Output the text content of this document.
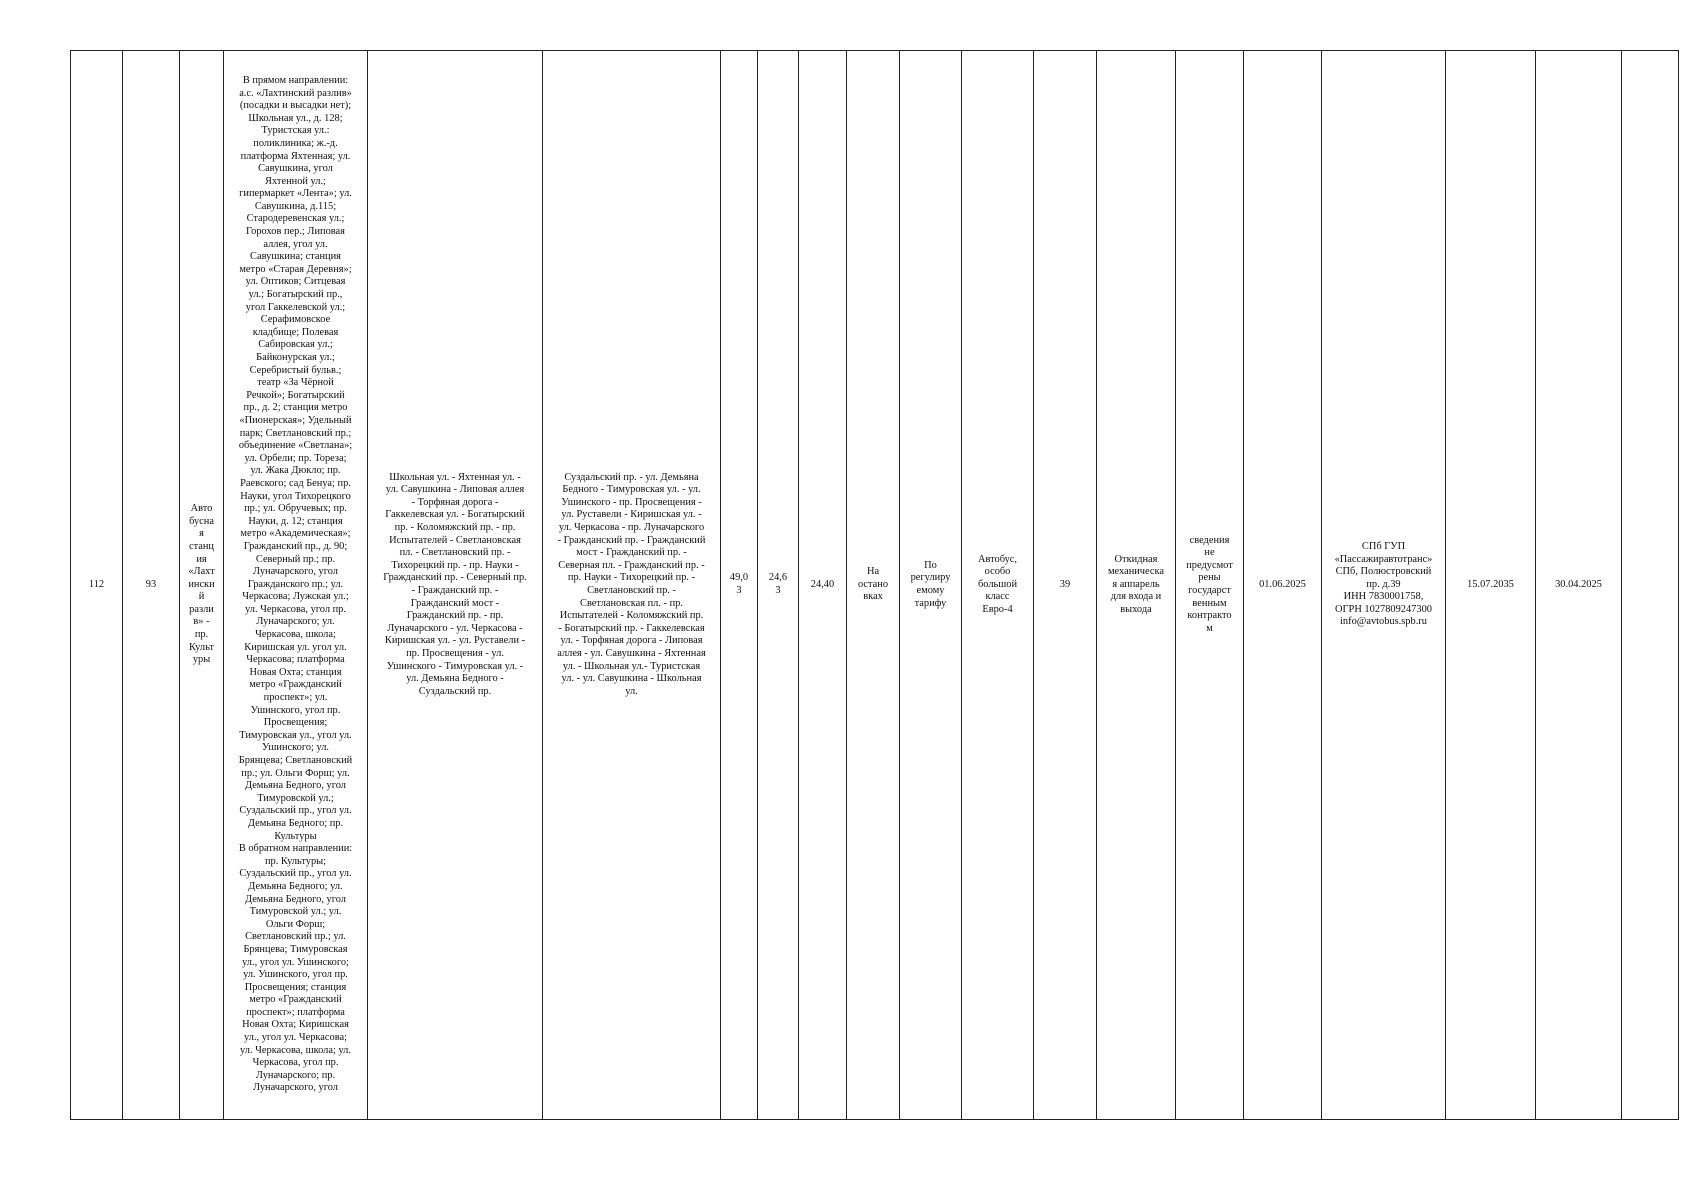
112	93	Авто
бусна
я
станц
ия
«Лахт
ински
й
разли
в» -
пр.
Культ
уры	В прямом направлении:
а.с. «Лахтинский разлив»
(посадки и высадки нет);
Школьная ул., д. 128;
Туристская ул.:
поликлиника; ж.-д.
платформа Яхтенная; ул.
Савушкина, угол
Яхтенной ул.;
гипермаркет «Лента»; ул.
Савушкина, д.115;
Стародеревенская ул.;
Горохов пер.; Липовая
аллея, угол ул.
Савушкина; станция
метро «Старая Деревня»;
ул. Оптиков; Ситцевая
ул.; Богатырский пр.,
угол Гаккелевской ул.;
Серафимовское
кладбище; Полевая
Сабировская ул.;
Байконурская ул.;
Серебристый бульв.;
театр «За Чёрной
Речкой»; Богатырский
пр., д. 2; станция метро
«Пионерская»; Удельный
парк; Светлановский пр.;
объединение «Светлана»;
ул. Орбели; пр. Тореза;
ул. Жака Дюкло; пр.
Раевского; сад Бенуа; пр.
Науки, угол Тихорецкого
пр.; ул. Обручевых; пр.
Науки, д. 12; станция
метро «Академическая»;
Гражданский пр., д. 90;
Северный пр.; пр.
Луначарского, угол
Гражданского пр.; ул.
Черкасова; Лужская ул.;
ул. Черкасова, угол пр.
Луначарского; ул.
Черкасова, школа;
Киришская ул. угол ул.
Черкасова; платформа
Новая Охта; станция
метро «Гражданский
проспект»; ул.
Ушинского, угол пр.
Просвещения;
Тимуровская ул., угол ул.
Ушинского; ул.
Брянцева; Светлановский
пр.; ул. Ольги Форш; ул.
Демьяна Бедного, угол
Тимуровской ул.;
Суздальский пр., угол ул.
Демьяна Бедного; пр.
Культуры
В обратном направлении:
пр. Культуры;
Суздальский пр., угол ул.
Демьяна Бедного; ул.
Демьяна Бедного, угол
Тимуровской ул.; ул.
Ольги Форш;
Светлановский пр.; ул.
Брянцева; Тимуровская
ул., угол ул. Ушинского;
ул. Ушинского, угол пр.
Просвещения; станция
метро «Гражданский
проспект»; платформа
Новая Охта; Киришская
ул., угол ул. Черкасова;
ул. Черкасова, школа; ул.
Черкасова, угол пр.
Луначарского; пр.
Луначарского, угол	Школьная ул. - Яхтенная ул. -
ул. Савушкина - Липовая аллея
- Торфяная дорога -
Гаккелевская ул. - Богатырский
пр. - Коломяжский пр. - пр.
Испытателей - Светлановская
пл. - Светлановский пр. -
Тихорецкий пр. - пр. Науки -
Гражданский пр. - Северный пр.
- Гражданский пр. -
Гражданский мост -
Гражданский пр. - пр.
Луначарского - ул. Черкасова -
Киришская ул. - ул. Руставели -
пр. Просвещения - ул.
Ушинского - Тимуровская ул. -
ул. Демьяна Бедного -
Суздальский пр.	Суздальский пр. - ул. Демьяна
Бедного - Тимуровская ул. - ул.
Ушинского - пр. Просвещения -
ул. Руставели - Киришская ул. -
ул. Черкасова - пр. Луначарского
- Гражданский пр. - Гражданский
мост - Гражданский пр. -
Северная пл. - Гражданский пр. -
пр. Науки - Тихорецкий пр. -
Светлановский пр. -
Светлановская пл. - пр.
Испытателей - Коломяжский пр.
- Богатырский пр. - Гаккелевская
ул. - Торфяная дорога - Липовая
аллея - ул. Савушкина - Яхтенная
ул. - Школьная ул.- Туристская
ул. - ул. Савушкина - Школьная
ул.	49,0
3	24,6
3	24,40	На
остано
вках	По
регулиру
емому
тарифу	Автобус,
особо
большой
класс
Евро-4	39	Откидная
механическа
я аппарель
для входа и
выхода	сведения
не
предусмот
рены
государст
венным
контракто
м	01.06.2025	СПб ГУП
«Пассажиравтотранс»
СПб, Полюстровский
пр. д.39
ИНН 7830001758,
ОГРН 1027809247300
info@avtobus.spb.ru	15.07.2035	30.04.2025	
